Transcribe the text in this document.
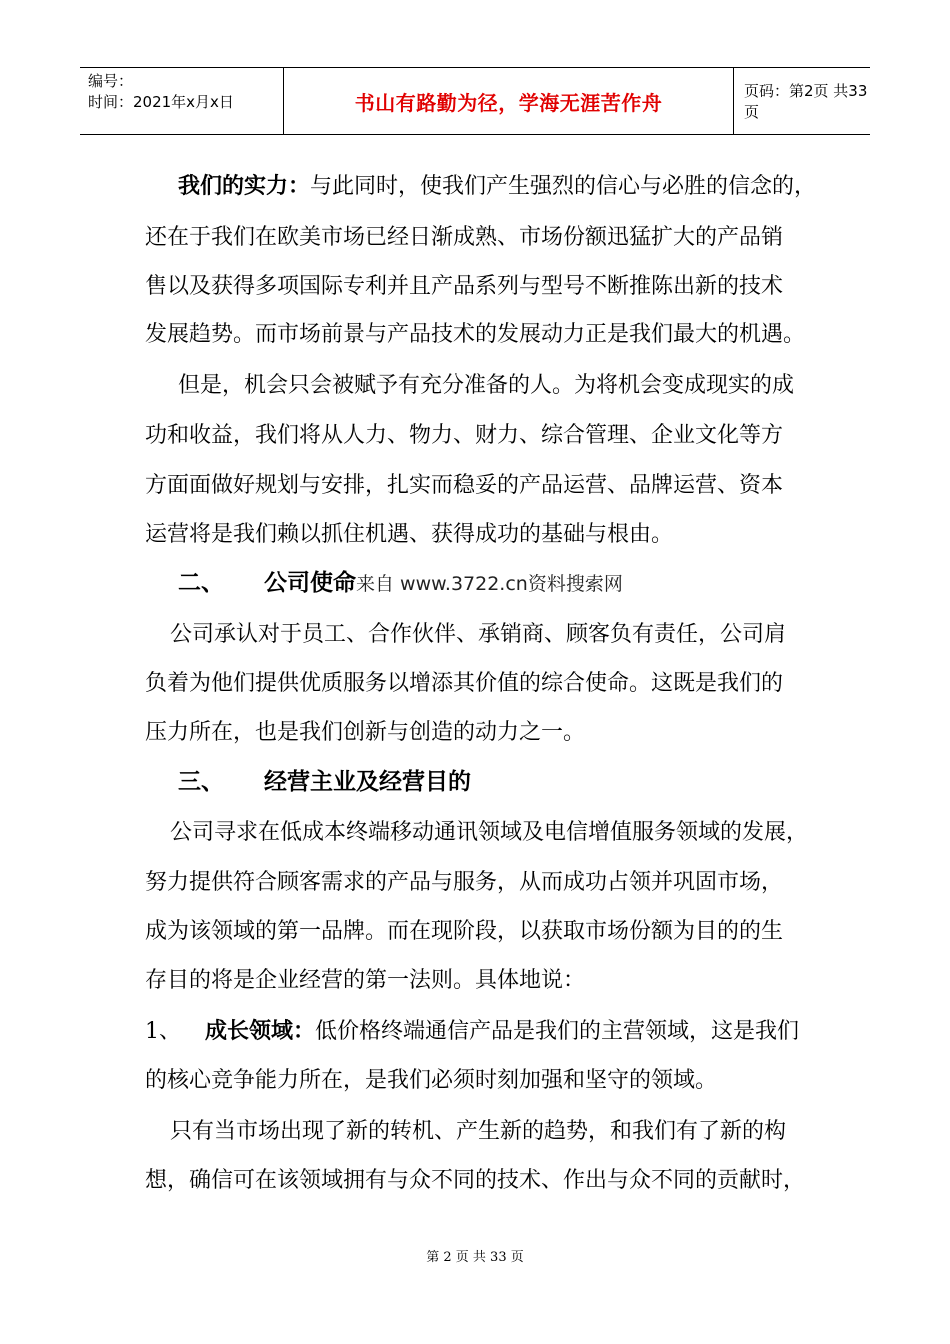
编号：
时间：2021年x月x日	书山有路勤为径，学海无涯苦作舟	页码：第2页 共33页
我们的实力：与此同时，使我们产生强烈的信心与必胜的信念的，
还在于我们在欧美市场已经日渐成熟、市场份额迅猛扩大的产品销
售以及获得多项国际专利并且产品系列与型号不断推陈出新的技术
发展趋势。而市场前景与产品技术的发展动力正是我们最大的机遇。
但是，机会只会被赋予有充分准备的人。为将机会变成现实的成
功和收益，我们将从人力、物力、财力、综合管理、企业文化等方
方面面做好规划与安排，扎实而稳妥的产品运营、品牌运营、资本
运营将是我们赖以抓住机遇、获得成功的基础与根由。
二、 公司使命来自 www.3722.cn资料搜索网
公司承认对于员工、合作伙伴、承销商、顾客负有责任，公司肩
负着为他们提供优质服务以增添其价值的综合使命。这既是我们的
压力所在，也是我们创新与创造的动力之一。
三、 经营主业及经营目的
公司寻求在低成本终端移动通讯领域及电信增值服务领域的发展，
努力提供符合顾客需求的产品与服务，从而成功占领并巩固市场，
成为该领域的第一品牌。而在现阶段，以获取市场份额为目的的生
存目的将是企业经营的第一法则。具体地说：
1、 成长领域：低价格终端通信产品是我们的主营领域，这是我们
的核心竞争能力所在，是我们必须时刻加强和坚守的领域。
只有当市场出现了新的转机、产生新的趋势，和我们有了新的构
想，确信可在该领域拥有与众不同的技术、作出与众不同的贡献时，
第 2 页 共 33 页
